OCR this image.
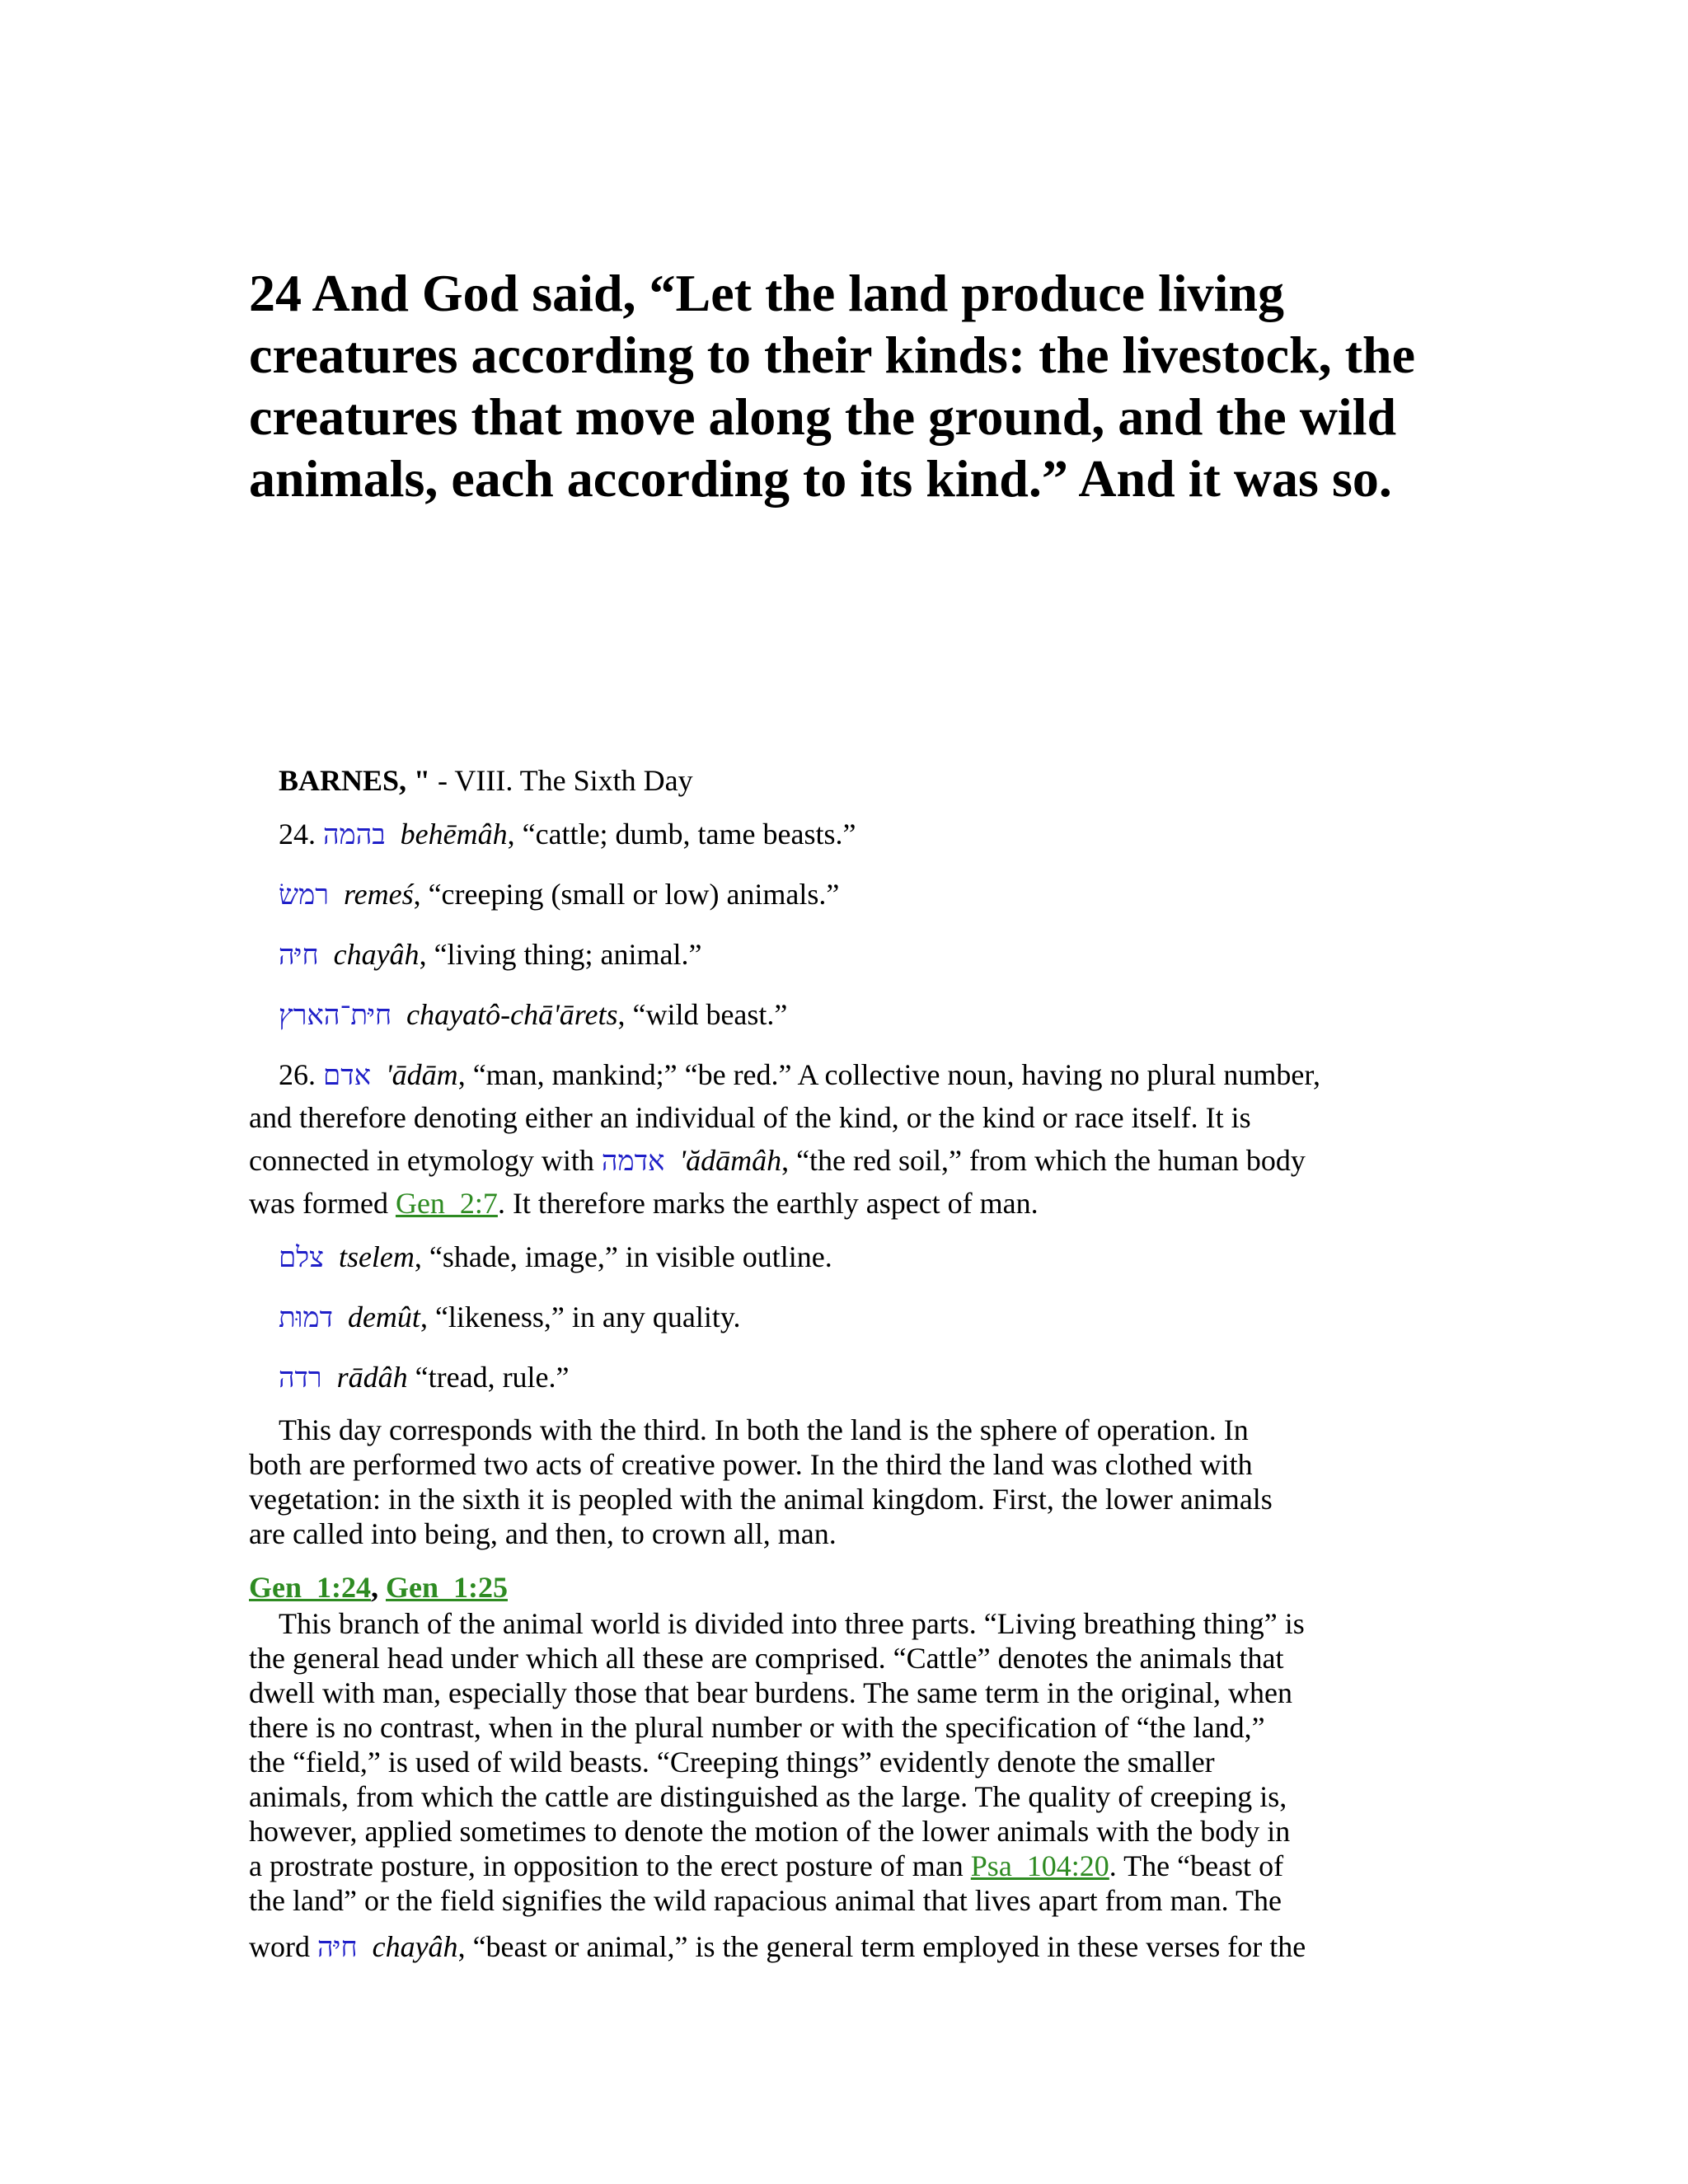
24 And God said, “Let the land produce living creatures according to their kinds: the livestock, the creatures that move along the ground, and the wild animals, each according to its kind.” And it was so.
BARNES, " - VIII. The Sixth Day
24. בהמה behēmâh, “cattle; dumb, tame beasts.”
רמשׂ remeś, “creeping (small or low) animals.”
חיּה chayâh, “living thing; animal.”
חיּת־הארץ chayatô-chā'ārets, “wild beast.”
26. אדם 'ādām, “man, mankind;” “be red.” A collective noun, having no plural number,
and therefore denoting either an individual of the kind, or the kind or race itself. It is
connected in etymology with אדמה 'ădāmâh, “the red soil,” from which the human body
was formed Gen_2:7. It therefore marks the earthly aspect of man.
צלם tselem, “shade, image,” in visible outline.
דמוּת demût, “likeness,” in any quality.
רדה rādâh “tread, rule.”
This day corresponds with the third. In both the land is the sphere of operation. In
both are performed two acts of creative power. In the third the land was clothed with
vegetation: in the sixth it is peopled with the animal kingdom. First, the lower animals
are called into being, and then, to crown all, man.
Gen_1:24, Gen_1:25
This branch of the animal world is divided into three parts. “Living breathing thing” is
the general head under which all these are comprised. “Cattle” denotes the animals that
dwell with man, especially those that bear burdens. The same term in the original, when
there is no contrast, when in the plural number or with the specification of “the land,”
the “field,” is used of wild beasts. “Creeping things” evidently denote the smaller
animals, from which the cattle are distinguished as the large. The quality of creeping is,
however, applied sometimes to denote the motion of the lower animals with the body in
a prostrate posture, in opposition to the erect posture of man Psa_104:20. The “beast of
the land” or the field signifies the wild rapacious animal that lives apart from man. The
word חיּה chayâh, “beast or animal,” is the general term employed in these verses for the
